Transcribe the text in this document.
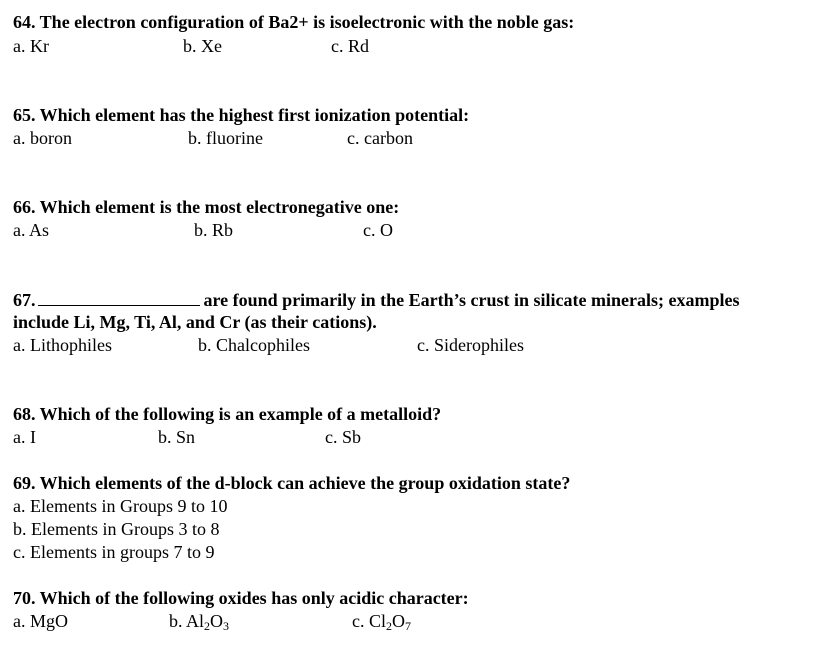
64. The electron configuration of Ba2+ is isoelectronic with the noble gas:
a. Kr	b. Xe	c. Rd
65. Which element has the highest first ionization potential:
a. boron	b. fluorine	c. carbon
66. Which element is the most electronegative one:
a. As	b. Rb	c. O
67.	are found primarily in the Earth’s crust in silicate minerals; examples
include Li, Mg, Ti, Al, and Cr (as their cations).
a. Lithophiles	b. Chalcophiles	c. Siderophiles
68. Which of the following is an example of a metalloid?
a. I	b. Sn	c. Sb
69. Which elements of the d-block can achieve the group oxidation state?
a. Elements in Groups 9 to 10
b. Elements in Groups 3 to 8
c. Elements in groups 7 to 9
70. Which of the following oxides has only acidic character:
a. MgO	b. $Al_2O_3$	c. $Cl_2O_7$
